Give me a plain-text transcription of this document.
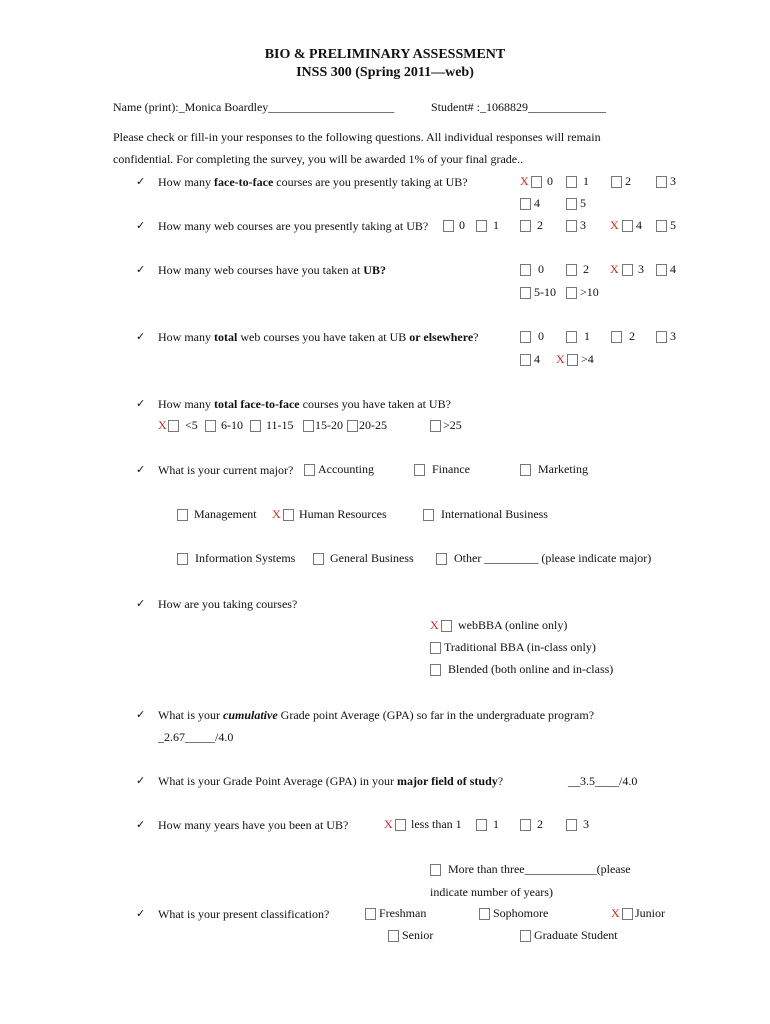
BIO & PRELIMINARY ASSESSMENT
INSS 300 (Spring 2011—web)
Name (print):_Monica Boardley_____________________	Student# :_1068829_____________
Please check or fill-in your responses to the following questions. All individual responses will remain
confidential. For completing the survey, you will be awarded 1% of your final grade..
✓ How many face-to-face courses are you presently taking at UB?	X 0	1	2	3
4	5
✓ How many web courses are you presently taking at UB?	0 1	2	3 X 4 5
✓ How many web courses have you taken at UB?	0	2 X 3 4
5-10 >10
✓ How many total web courses you have taken at UB or elsewhere?	0	1	2	3
4 X >4
✓ How many total face-to-face courses you have taken at UB?
X <5 6-10 11-15 15-20 20-25	>25
✓ What is your current major? Accounting	Finance	Marketing
Management X Human Resources	International Business
Information Systems	General Business	Other _________ (please indicate major)
✓ How are you taking courses?
X webBBA (online only)
Traditional BBA (in-class only)
Blended (both online and in-class)
✓ What is your cumulative Grade point Average (GPA) so far in the undergraduate program?
_2.67_____/4.0
✓ What is your Grade Point Average (GPA) in your major field of study?	__3.5____/4.0
✓ How many years have you been at UB?	X less than 1	1	2	3
More than three____________(please
indicate number of years)
✓ What is your present classification?	Freshman	Sophomore	X Junior
Senior	Graduate Student
